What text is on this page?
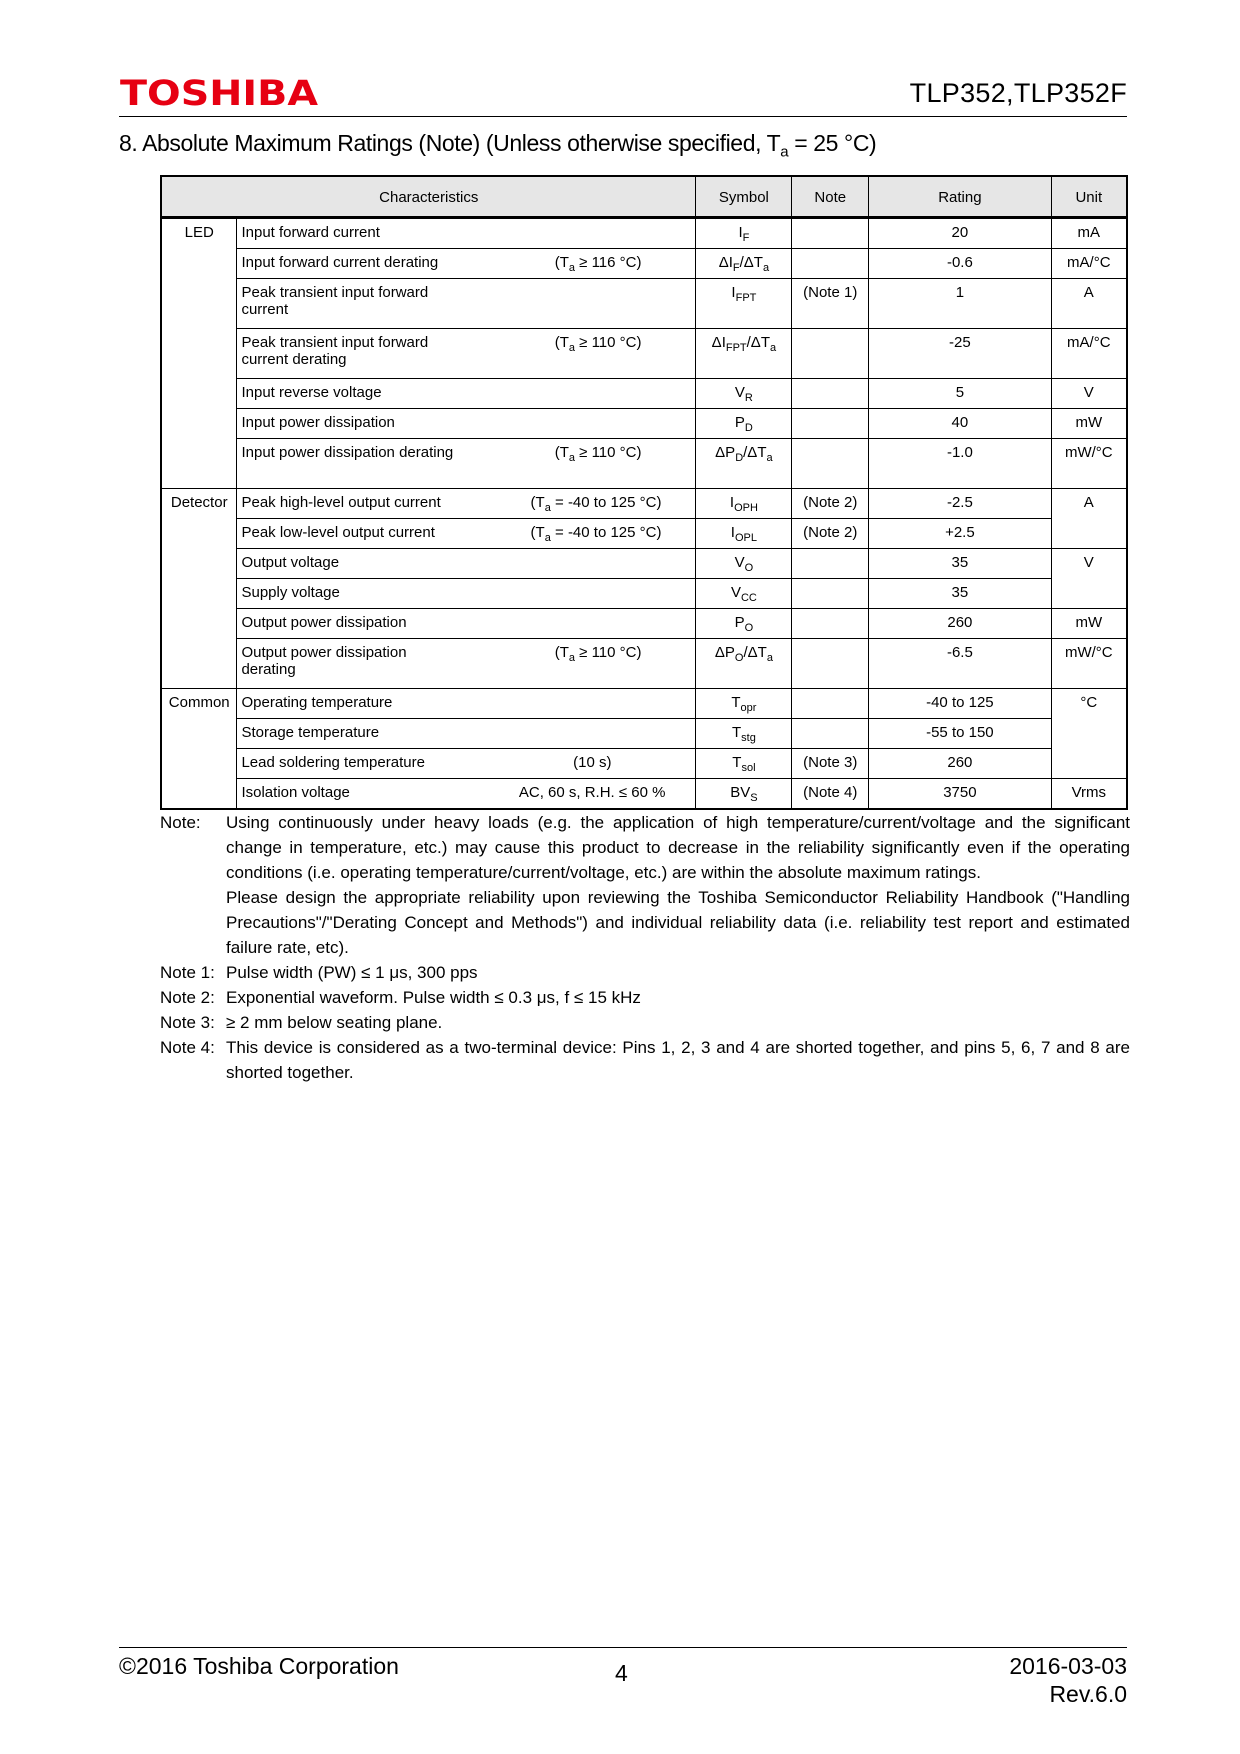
TOSHIBA	TLP352,TLP352F
8. Absolute Maximum Ratings (Note) (Unless otherwise specified, $T_a = 25$ °C)
Characteristics		Symbol	Note	Rating	Unit
LED	Input forward current	$I_F$		20	mA

	Input forward current derating ($T_a \ge 116$ °C)	$\Delta I_F/\Delta T_a$		-0.6	mA/°C

	Peak transient input forward current	$I_{FPT}$	(Note 1)	1	A

	Peak transient input forward current derating
($T_a \ge 110$ °C)	$\Delta I_{FPT}/\Delta T_a$		-25	mA/°C

	Input reverse voltage	$V_R$		5	V

	Input power dissipation	$P_D$		40	mW

	Input power dissipation derating ($T_a \ge 110$ °C)	$\Delta P_D/\Delta T_a$		-1.0	mW/°C
Detector	Peak high-level output current ($T_a = -40$ to 125 °C)	$I_{OPH}$	(Note 2)	-2.5	A

	Peak low-level output current ($T_a = -40$ to 125 °C)	$I_{OPL}$	(Note 2)	+2.5	

	Output voltage	$V_O$		35	V

	Supply voltage	$V_{CC}$		35	

	Output power dissipation	$P_O$		260	mW

	Output power dissipation derating
($T_a \ge 110$ °C)	$\Delta P_O/\Delta T_a$		-6.5	mW/°C
Common	Operating temperature	$T_{opr}$		-40 to 125	°C

	Storage temperature	$T_{stg}$		-55 to 150	

	Lead soldering temperature (10 s)	$T_{sol}$	(Note 3)	260	

	Isolation voltage AC, 60 s, R.H. ≤ 60 %	$BV_S$	(Note 4)	3750	Vrms
Note:	Using continuously under heavy loads (e.g. the application of high temperature/current/voltage and the significant change in temperature, etc.) may cause this product to decrease in the reliability significantly even if the operating conditions (i.e. operating temperature/current/voltage, etc.) are within the absolute maximum ratings.

Please design the appropriate reliability upon reviewing the Toshiba Semiconductor Reliability Handbook ("Handling Precautions"/"Derating Concept and Methods") and individual reliability data (i.e. reliability test report and estimated failure rate, etc).

Note 1: Pulse width (PW) ≤ 1 μs, 300 pps
Note 2: Exponential waveform. Pulse width ≤ 0.3 μs, f ≤ 15 kHz
Note 3: ≥ 2 mm below seating plane.
Note 4: This device is considered as a two-terminal device: Pins 1, 2, 3 and 4 are shorted together, and pins 5, 6, 7 and 8 are shorted together.
©2016 Toshiba Corporation	4	2016-03-03
Rev.6.0
